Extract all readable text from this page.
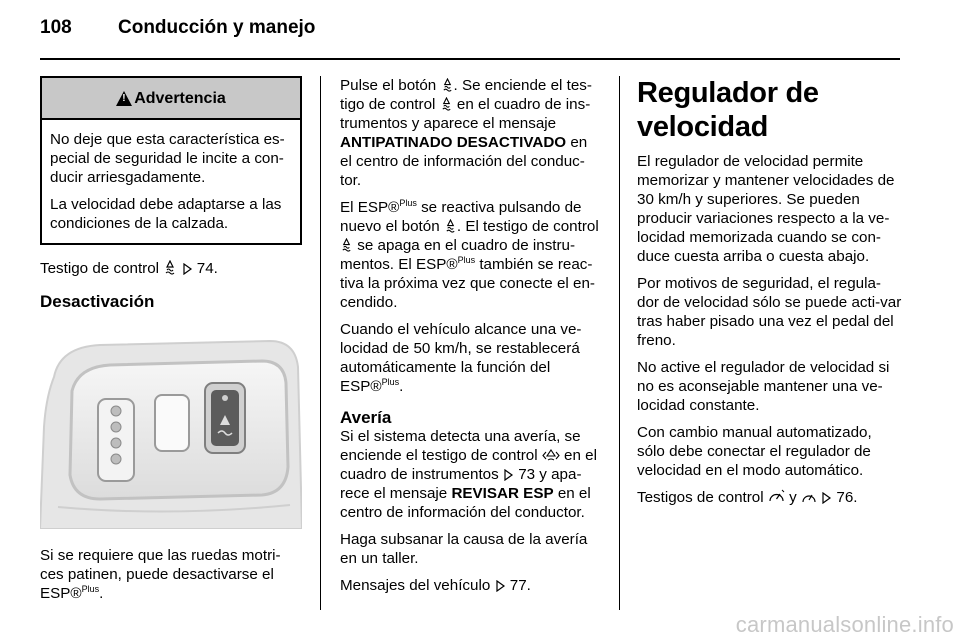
108 Conducción y manejo
! Advertencia

No deje que esta característica es-pecial de seguridad le incite a con-ducir arriesgadamente.

La velocidad debe adaptarse a las condiciones de la calzada.

Testigo de control 74.

Desactivación

Si se requiere que las ruedas motri-ces patinen, puede desactivarse el ESP®$^{Plus}$.

Pulse el botón . Se enciende el tes-tigo de control en el cuadro de ins-trumentos y aparece el mensaje ANTIPATINADO DESACTIVADO en el centro de información del conduc-tor.

El ESP®$^{Plus}$ se reactiva pulsando de nuevo el botón . El testigo de control  se apaga en el cuadro de instru-mentos. El ESP®$^{Plus}$ también se reac-tiva la próxima vez que conecte el en-cendido.

Cuando el vehículo alcance una ve-locidad de 50 km/h, se restablecerá automáticamente la función del ESP®$^{Plus}$.

Avería

Si el sistema detecta una avería, se enciende el testigo de control en el cuadro de instrumentos 73 y apa-rece el mensaje REVISAR ESP en el centro de información del conductor.

Haga subsanar la causa de la avería en un taller.

Mensajes del vehículo 77.

Regulador de velocidad

El regulador de velocidad permite memorizar y mantener velocidades de 30 km/h y superiores. Se pueden producir variaciones respecto a la ve-locidad memorizada cuando se con-duce cuesta arriba o cuesta abajo.

Por motivos de seguridad, el regula-dor de velocidad sólo se puede acti-var tras haber pisado una vez el pedal del freno.

No active el regulador de velocidad si no es aconsejable mantener una ve-locidad constante.

Con cambio manual automatizado, sólo debe conectar el regulador de velocidad en el modo automático.

Testigos de control y	76.

carmanualsonline.info
